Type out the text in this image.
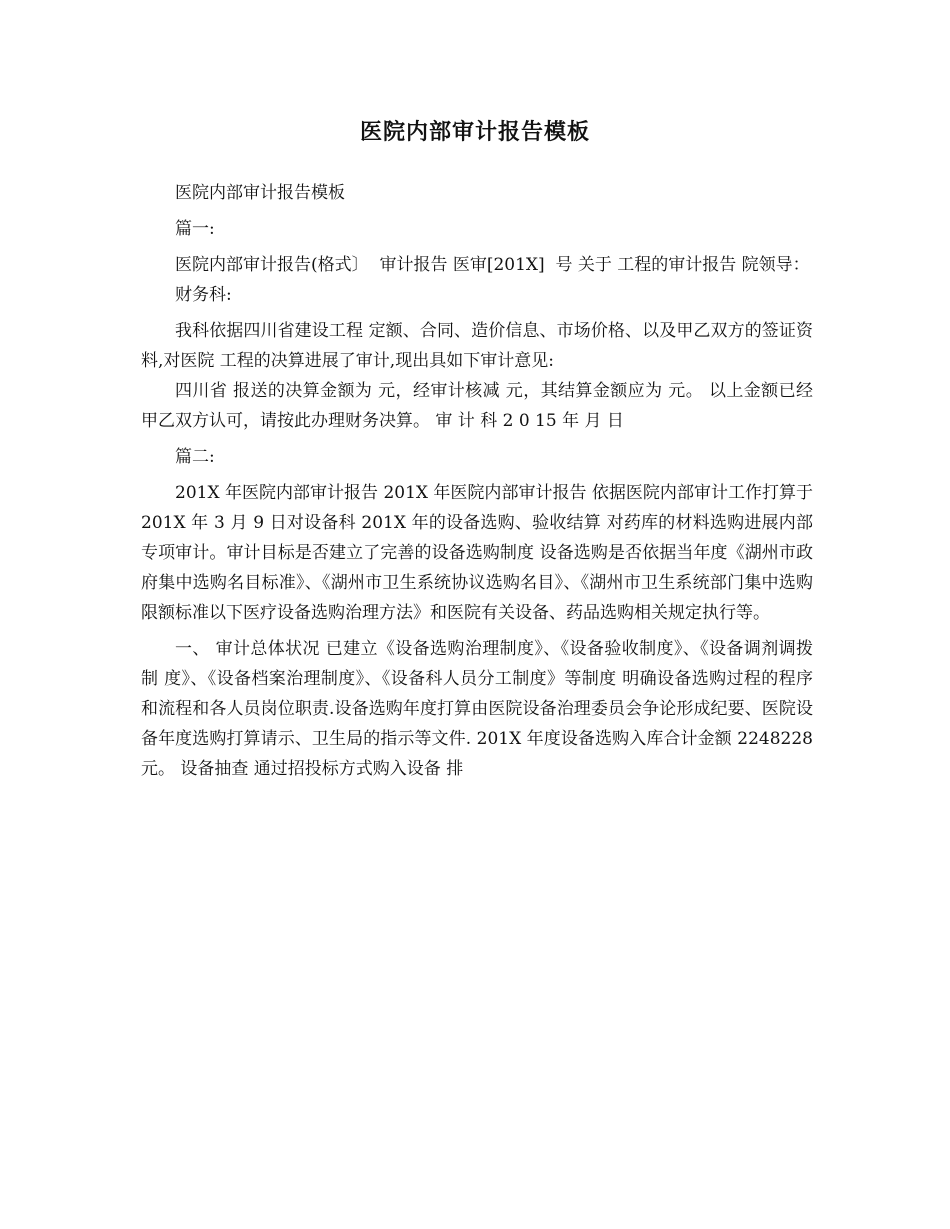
医院内部审计报告模板

医院内部审计报告模板

篇一:

医院内部审计报告(格式〕  审计报告 医审[201X]  号 关于 工程的审计报告 院领导：

财务科:

我科依据四川省建设工程 定额、合同、造价信息、市场价格、以及甲乙双方的签证资料,对医院 工程的决算进展了审计,现出具如下审计意见:

四川省 报送的决算金额为 元，经审计核减 元，其结算金额应为 元。 以上金额已经甲乙双方认可，请按此办理财务决算。 审 计 科 2 0 15 年 月 日

篇二:

201X 年医院内部审计报告 201X 年医院内部审计报告 依据医院内部审计工作打算于 201X 年 3 月 9 日对设备科 201X 年的设备选购、验收结算 对药库的材料选购进展内部专项审计。审计目标是否建立了完善的设备选购制度 设备选购是否依据当年度《湖州市政府集中选购名目标准》、《湖州市卫生系统协议选购名目》、《湖州市卫生系统部门集中选购限额标准以下医疗设备选购治理方法》和医院有关设备、药品选购相关规定执行等。

一、 审计总体状况 已建立《设备选购治理制度》、《设备验收制度》、《设备调剂调拨制 度》、《设备档案治理制度》、《设备科人员分工制度》等制度 明确设备选购过程的程序和流程和各人员岗位职责.设备选购年度打算由医院设备治理委员会争论形成纪要、医院设备年度选购打算请示、卫生局的指示等文件. 201X 年度设备选购入库合计金额 2248228 元。 设备抽查 通过招投标方式购入设备 排
